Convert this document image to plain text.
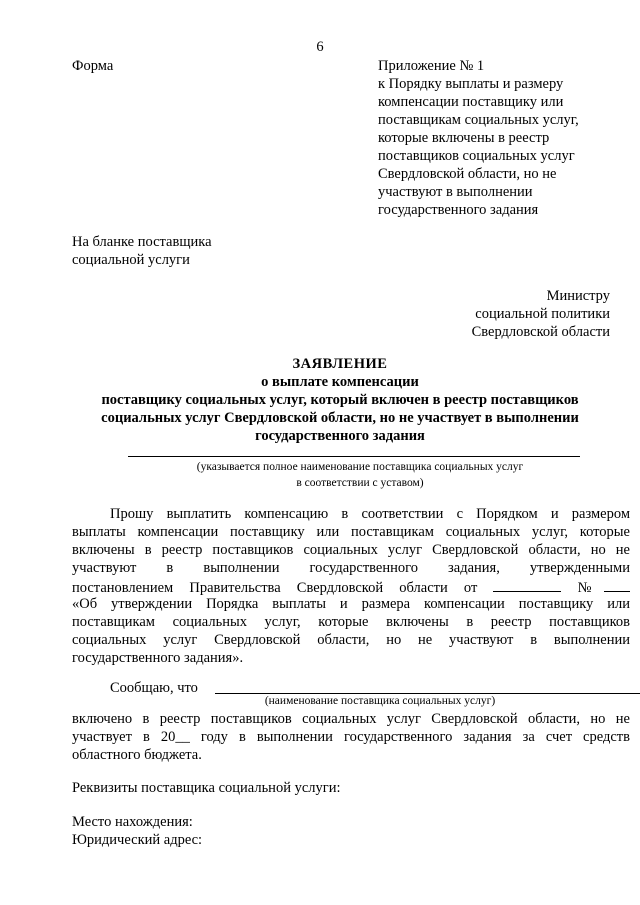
6
Форма	Приложение № 1
к Порядку выплаты и размеру
компенсации поставщику или
поставщикам социальных услуг,
которые включены в реестр
поставщиков социальных услуг
Свердловской области, но не
участвуют в выполнении
государственного задания
На бланке поставщика
социальной услуги
Министру
социальной политики
Свердловской области
ЗАЯВЛЕНИЕ
о выплате компенсации
поставщику социальных услуг, который включен в реестр поставщиков
социальных услуг Свердловской области, но не участвует в выполнении
государственного задания
(указывается полное наименование поставщика социальных услуг
в соответствии с уставом)
Прошу выплатить компенсацию в соответствии с Порядком и размером
выплаты компенсации поставщику или поставщикам социальных услуг, которые
включены в реестр поставщиков социальных услуг Свердловской области, но не
участвуют в выполнении государственного задания, утвержденными
постановлением Правительства Свердловской области от	№
«Об утверждении Порядка выплаты и размера компенсации поставщику или
поставщикам социальных услуг, которые включены в реестр поставщиков
социальных услуг Свердловской области, но не участвуют в выполнении
государственного задания».
Сообщаю, что
(наименование поставщика социальных услуг)
включено в реестр поставщиков социальных услуг Свердловской области, но не
участвует в 20__ году в выполнении государственного задания за счет средств
областного бюджета.
Реквизиты поставщика социальной услуги:
Место нахождения:
Юридический адрес:
